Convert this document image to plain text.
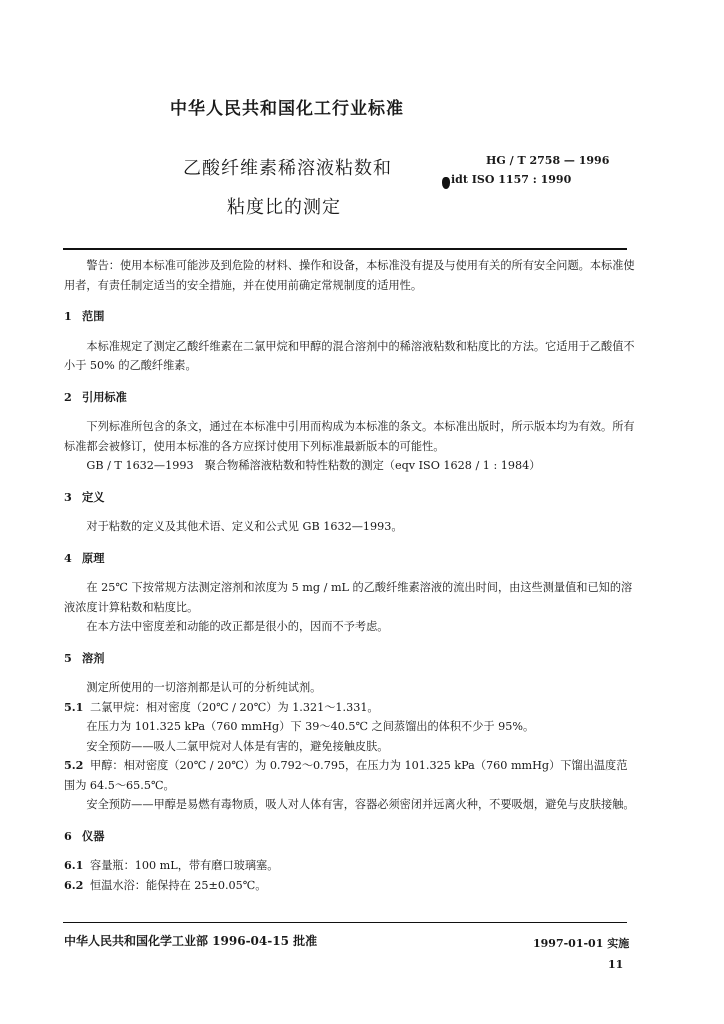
中华人民共和国化工行业标准
乙酸纤维素稀溶液粘数和
粘度比的测定
HG / T 2758 — 1996
idt ISO 1157 : 1990

警告：使用本标准可能涉及到危险的材料、操作和设备，本标准没有提及与使用有关的所有安全问题。本标准使用者，有责任制定适当的安全措施，并在使用前确定常规制度的适用性。

1 范围

本标准规定了测定乙酸纤维素在二氯甲烷和甲醇的混合溶剂中的稀溶液粘数和粘度比的方法。它适用于乙酸值不小于 50% 的乙酸纤维素。

2 引用标准

下列标准所包含的条文，通过在本标准中引用而构成为本标准的条文。本标准出版时，所示版本均为有效。所有标准都会被修订，使用本标准的各方应探讨使用下列标准最新版本的可能性。

GB / T 1632—1993　聚合物稀溶液粘数和特性粘数的测定（eqv ISO 1628 / 1 : 1984）

3 定义

对于粘数的定义及其他术语、定义和公式见 GB 1632—1993。

4 原理

在 25℃ 下按常规方法测定溶剂和浓度为 5 mg / mL 的乙酸纤维素溶液的流出时间，由这些测量值和已知的溶液浓度计算粘数和粘度比。

在本方法中密度差和动能的改正都是很小的，因而不予考虑。

5 溶剂

测定所使用的一切溶剂都是认可的分析纯试剂。

5.1 二氯甲烷：相对密度（20℃ / 20℃）为 1.321～1.331。

在压力为 101.325 kPa（760 mmHg）下 39～40.5℃ 之间蒸馏出的体积不少于 95%。

安全预防——吸人二氯甲烷对人体是有害的，避免接触皮肤。

5.2 甲醇：相对密度（20℃ / 20℃）为 0.792～0.795，在压力为 101.325 kPa（760 mmHg）下馏出温度范围为 64.5～65.5℃。

安全预防——甲醇是易燃有毒物质，吸人对人体有害，容器必须密闭并远离火种，不要吸烟，避免与皮肤接触。

6 仪器

6.1 容量瓶：100 mL，带有磨口玻璃塞。

6.2 恒温水浴：能保持在 25±0.05℃。

中华人民共和国化学工业部 1996-04-15 批准	1997-01-01 实施
11
